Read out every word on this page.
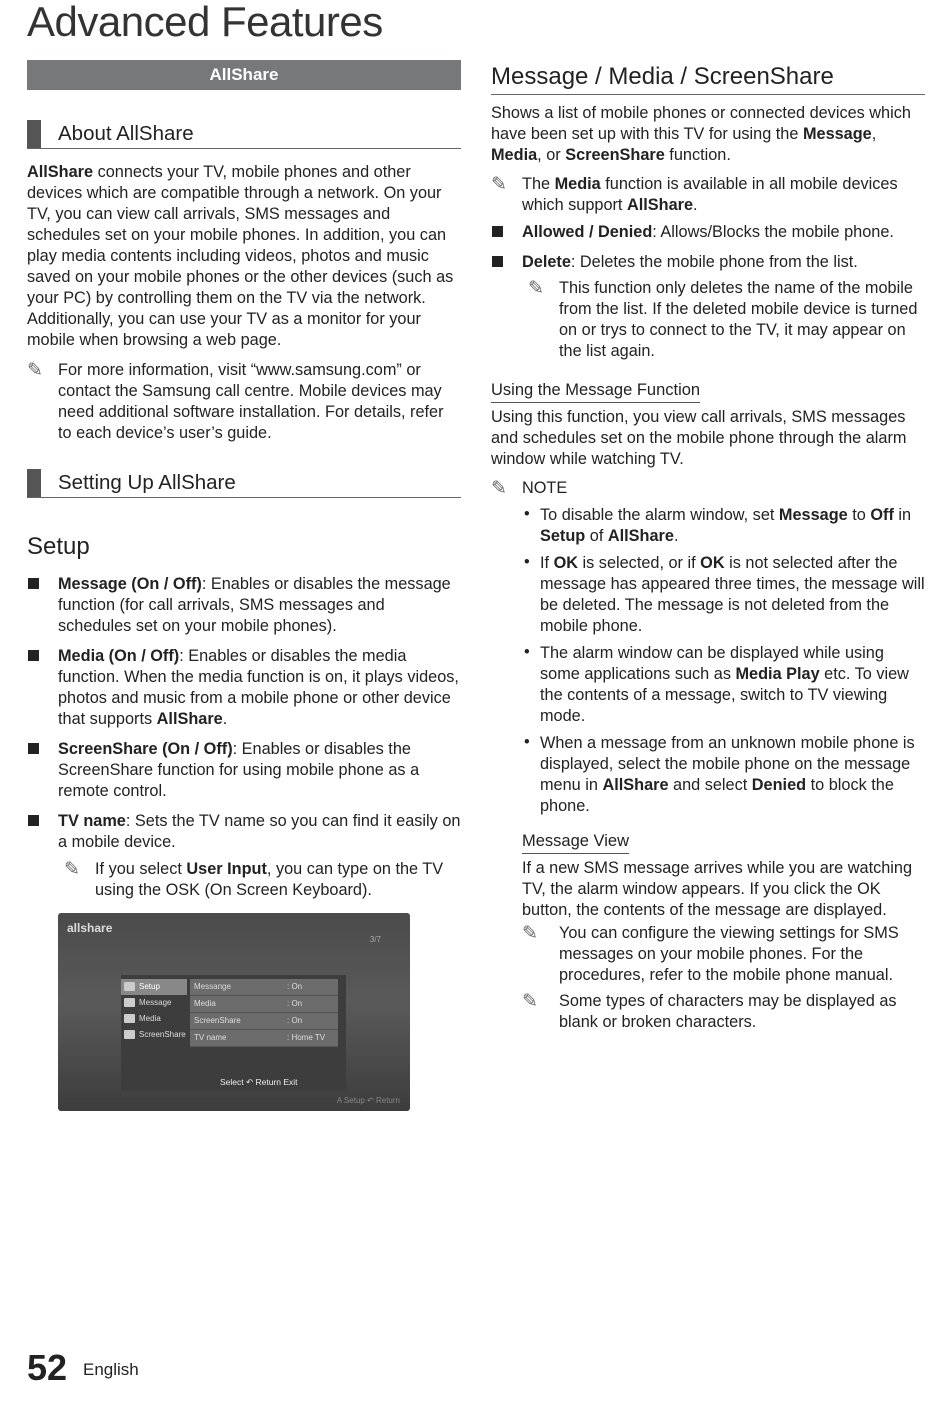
Advanced Features
AllShare
About AllShare

AllShare connects your TV, mobile phones and other devices which are compatible through a network. On your TV, you can view call arrivals, SMS messages and schedules set on your mobile phones. In addition, you can play media contents including videos, photos and music saved on your mobile phones or the other devices (such as your PC) by controlling them on the TV via the network. Additionally, you can use your TV as a monitor for your mobile when browsing a web page.

✎ For more information, visit “www.samsung.com” or contact the Samsung call centre. Mobile devices may need additional software installation. For details, refer to each device’s user’s guide.
Setting Up AllShare
Setup
Message (On / Off): Enables or disables the message function (for call arrivals, SMS messages and schedules set on your mobile phones).
Media (On / Off): Enables or disables the media function. When the media function is on, it plays videos, photos and music from a mobile phone or other device that supports AllShare.
ScreenShare (On / Off): Enables or disables the ScreenShare function for using mobile phone as a remote control.
TV name: Sets the TV name so you can find it easily on a mobile device.
✎ If you select User Input, you can type on the TV using the OSK (On Screen Keyboard).
allshare
3/7
Setup
Message
Media
ScreenShare
Messange	: On
Media	: On
ScreenShare	: On
TV name	: Home TV
Select ↶ Return Exit
A Setup ↶ Return
Message / Media / ScreenShare

Shows a list of mobile phones or connected devices which have been set up with this TV for using the Message, Media, or ScreenShare function.

✎ The Media function is available in all mobile devices which support AllShare.
Allowed / Denied: Allows/Blocks the mobile phone.
Delete: Deletes the mobile phone from the list.
✎ This function only deletes the name of the mobile from the list. If the deleted mobile device is turned on or trys to connect to the TV, it may appear on the list again.
Using the Message Function

Using this function, you view call arrivals, SMS messages and schedules set on the mobile phone through the alarm window while watching TV.

✎ NOTE
• To disable the alarm window, set Message to Off in Setup of AllShare.
• If OK is selected, or if OK is not selected after the message has appeared three times, the message will be deleted. The message is not deleted from the mobile phone.
• The alarm window can be displayed while using some applications such as Media Play etc. To view the contents of a message, switch to TV viewing mode.
• When a message from an unknown mobile phone is displayed, select the mobile phone on the message menu in AllShare and select Denied to block the phone.
Message View

If a new SMS message arrives while you are watching TV, the alarm window appears. If you click the OK button, the contents of the message are displayed.

✎ You can configure the viewing settings for SMS messages on your mobile phones. For the procedures, refer to the mobile phone manual.
✎ Some types of characters may be displayed as blank or broken characters.
52 English
